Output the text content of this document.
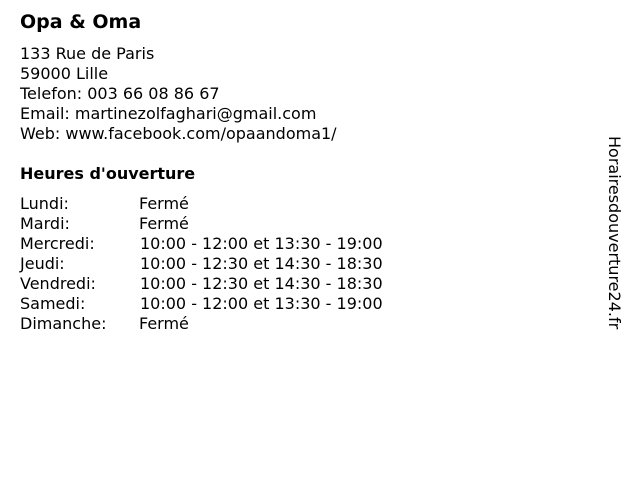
Opa & Oma
133 Rue de Paris
59000 Lille
Telefon: 003 66 08 86 67
Email: martinezolfaghari@gmail.com
Web: www.facebook.com/opaandoma1/
Heures d'ouverture
Lundi:	Fermé
Mardi:	Fermé
Mercredi:	10:00 - 12:00 et 13:30 - 19:00
Jeudi:	10:00 - 12:30 et 14:30 - 18:30
Vendredi:	10:00 - 12:30 et 14:30 - 18:30
Samedi:	10:00 - 12:00 et 13:30 - 19:00
Dimanche: Fermé	Horairesdouverture24.fr
